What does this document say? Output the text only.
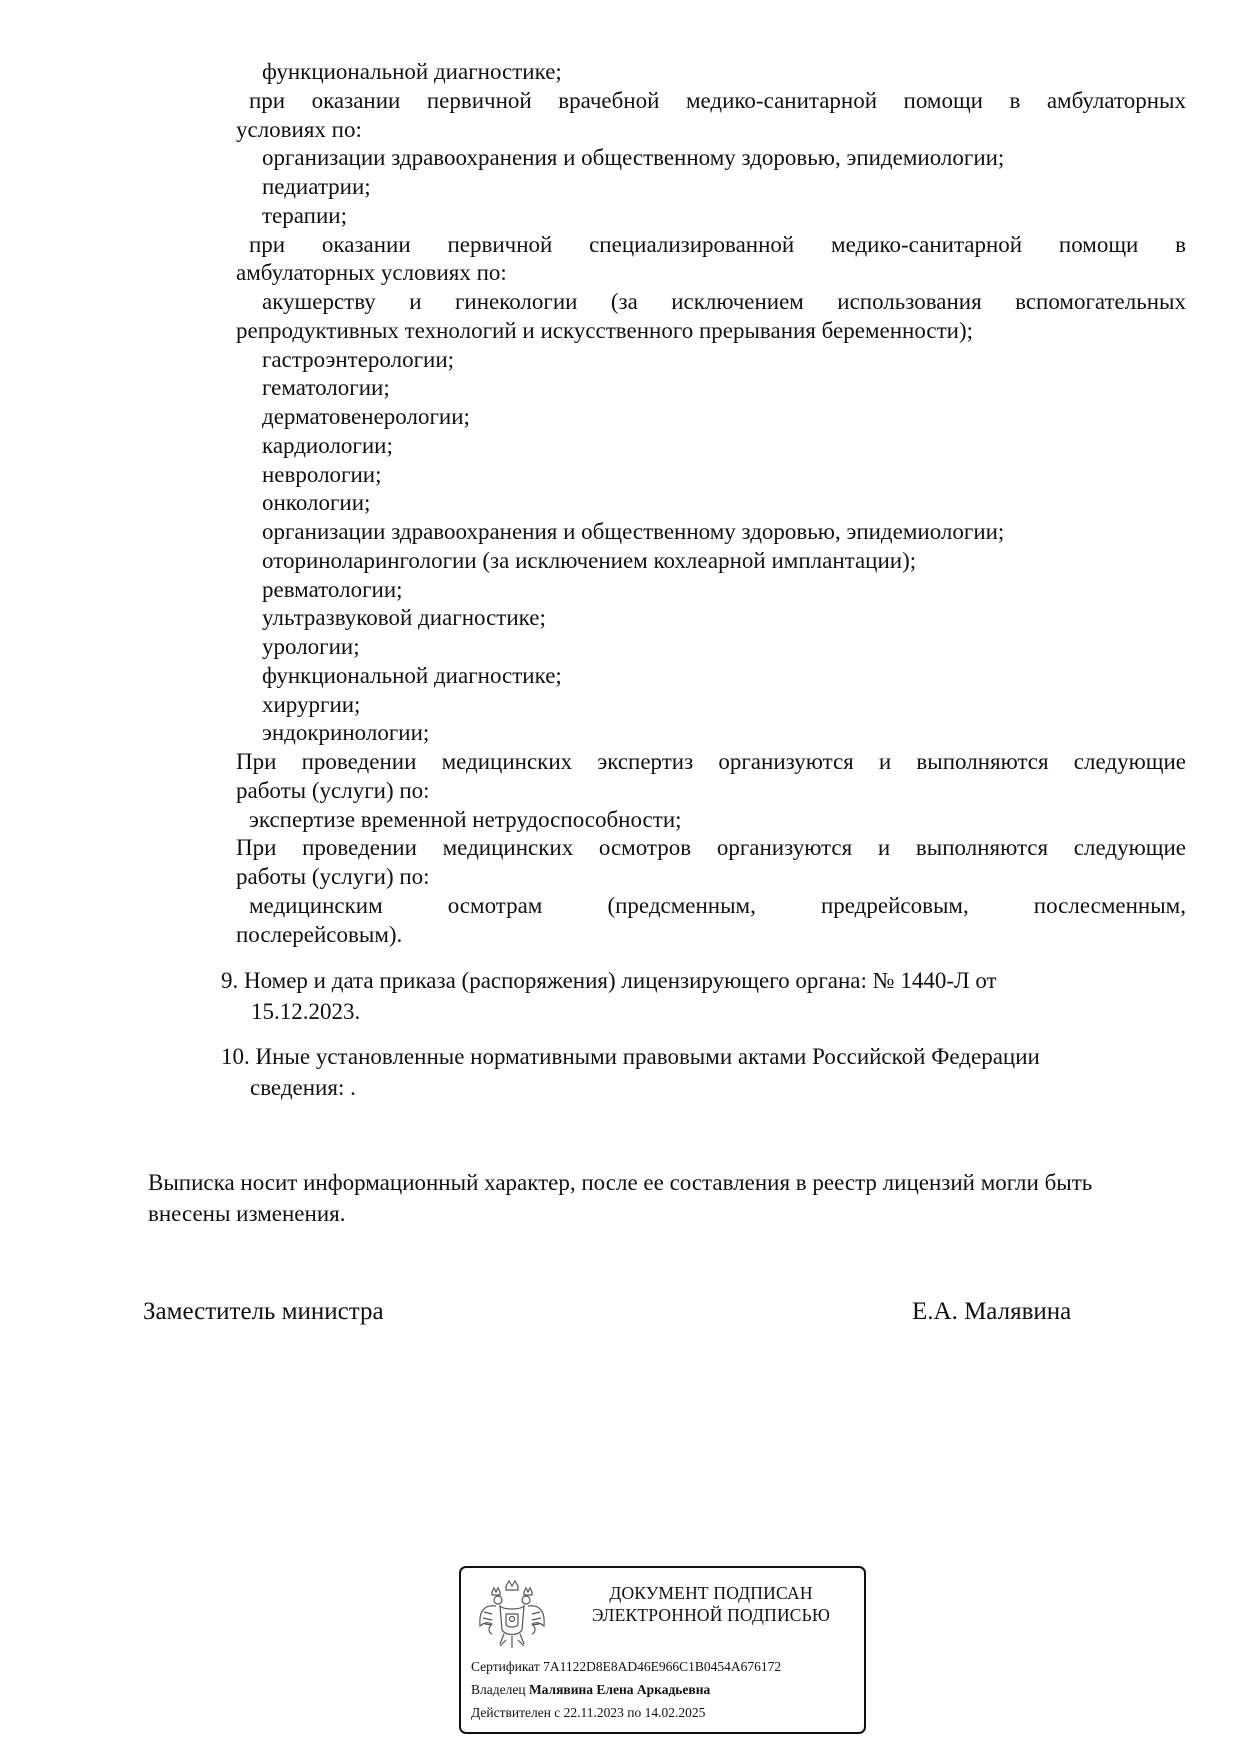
функциональной диагностике;
при оказании первичной врачебной медико-санитарной помощи в амбулаторных
условиях по:
организации здравоохранения и общественному здоровью, эпидемиологии;
педиатрии;
терапии;
при оказании первичной специализированной медико-санитарной помощи в
амбулаторных условиях по:
акушерству и гинекологии (за исключением использования вспомогательных
репродуктивных технологий и искусственного прерывания беременности);
гастроэнтерологии;
гематологии;
дерматовенерологии;
кардиологии;
неврологии;
онкологии;
организации здравоохранения и общественному здоровью, эпидемиологии;
оториноларингологии (за исключением кохлеарной имплантации);
ревматологии;
ультразвуковой диагностике;
урологии;
функциональной диагностике;
хирургии;
эндокринологии;
При проведении медицинских экспертиз организуются и выполняются следующие
работы (услуги) по:
экспертизе временной нетрудоспособности;
При проведении медицинских осмотров организуются и выполняются следующие
работы (услуги) по:
медицинским осмотрам (предсменным, предрейсовым, послесменным,
послерейсовым).
9. Номер и дата приказа (распоряжения) лицензирующего органа: № 1440-Л от
15.12.2023.
10. Иные установленные нормативными правовыми актами Российской Федерации
сведения: .
Выписка носит информационный характер, после ее составления в реестр лицензий могли быть
внесены изменения.
Заместитель министра	Е.А. Малявина
ДОКУМЕНТ ПОДПИСАН
ЭЛЕКТРОННОЙ ПОДПИСЬЮ
Сертификат 7A1122D8E8AD46E966C1B0454A676172
Владелец Малявина Елена Аркадьевна
Действителен с 22.11.2023 по 14.02.2025
